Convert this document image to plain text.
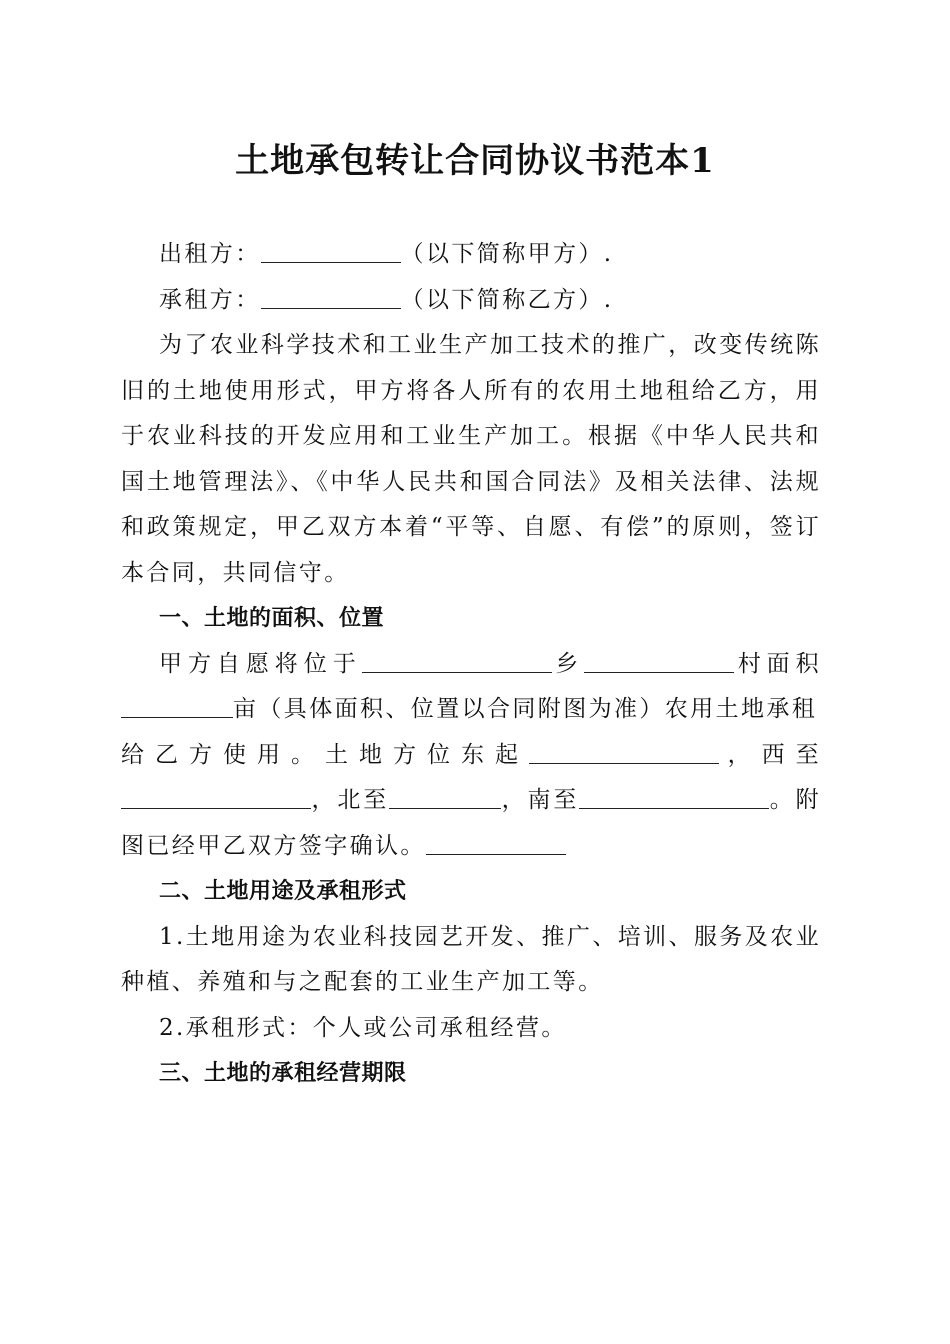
土地承包转让合同协议书范本1

出租方：	（以下简称甲方）.

承租方：	（以下简称乙方）.

为了农业科学技术和工业生产加工技术的推广，改变传统陈旧的土地使用形式，甲方将各人所有的农用土地租给乙方，用于农业科技的开发应用和工业生产加工。根据《中华人民共和国土地管理法》、《中华人民共和国合同法》及相关法律、法规和政策规定，甲乙双方本着“平等、自愿、有偿”的原则，签订本合同，共同信守。

一、土地的面积、位置

甲方自愿将位于	乡	村面积

亩（具体面积、位置以合同附图为准）农用土地承租

给乙方使用。土地方位东起	，西至

，北至	，南至	。附

图已经甲乙双方签字确认。

二、土地用途及承租形式

1.土地用途为农业科技园艺开发、推广、培训、服务及农业种植、养殖和与之配套的工业生产加工等。

2.承租形式：个人或公司承租经营。

三、土地的承租经营期限
